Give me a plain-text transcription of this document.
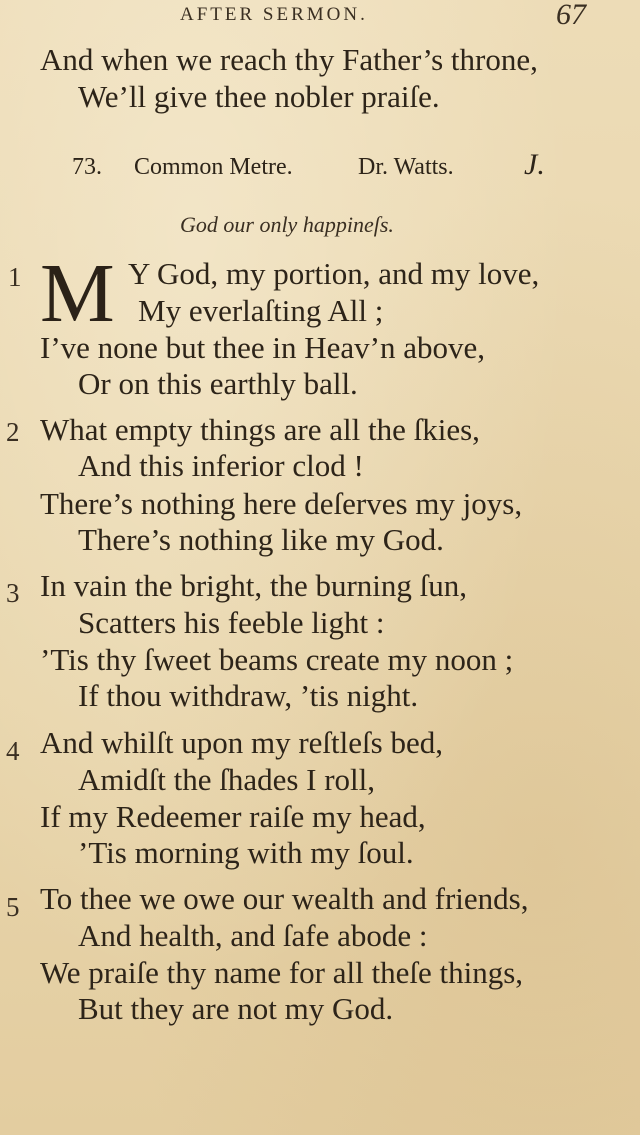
AFTER SERMON.	67
And when we reach thy Father’s throne,
We’ll give thee nobler praiſe.
73. Common Metre.	Dr. Watts. J.
God our only happineſs.
1 M Y God, my portion, and my love,
My everlaſting All ;
I’ve none but thee in Heav’n above,
Or on this earthly ball.
2 What empty things are all the ſkies,
And this inferior clod !
There’s nothing here deſerves my joys,
There’s nothing like my God.
3 In vain the bright, the burning ſun,
Scatters his feeble light :
’Tis thy ſweet beams create my noon ;
If thou withdraw, ’tis night.
4 And whilſt upon my reſtleſs bed,
Amidſt the ſhades I roll,
If my Redeemer raiſe my head,
’Tis morning with my ſoul.
5 To thee we owe our wealth and friends,
And health, and ſafe abode :
We praiſe thy name for all theſe things,
But they are not my God.
